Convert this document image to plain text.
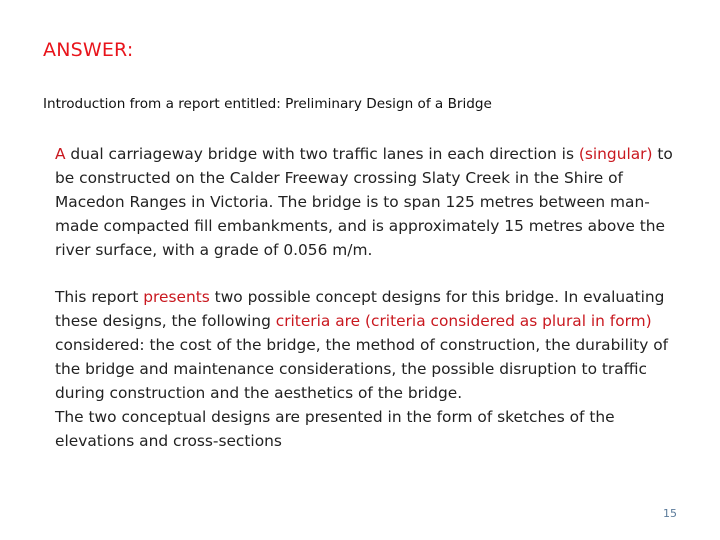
ANSWER:
Introduction from a report entitled: Preliminary Design of a Bridge
A dual carriageway bridge with two traffic lanes in each direction is (singular) to be constructed on the Calder Freeway crossing Slaty Creek in the Shire of Macedon Ranges in Victoria. The bridge is to span 125 metres between man-made compacted fill embankments, and is approximately 15 metres above the river surface, with a grade of 0.056 m/m.
This report presents two possible concept designs for this bridge. In evaluating these designs, the following criteria are (criteria considered as plural in form) considered: the cost of the bridge, the method of construction, the durability of the bridge and maintenance considerations, the possible disruption to traffic during construction and the aesthetics of the bridge.
The two conceptual designs are presented in the form of sketches of the elevations and cross-sections
15
